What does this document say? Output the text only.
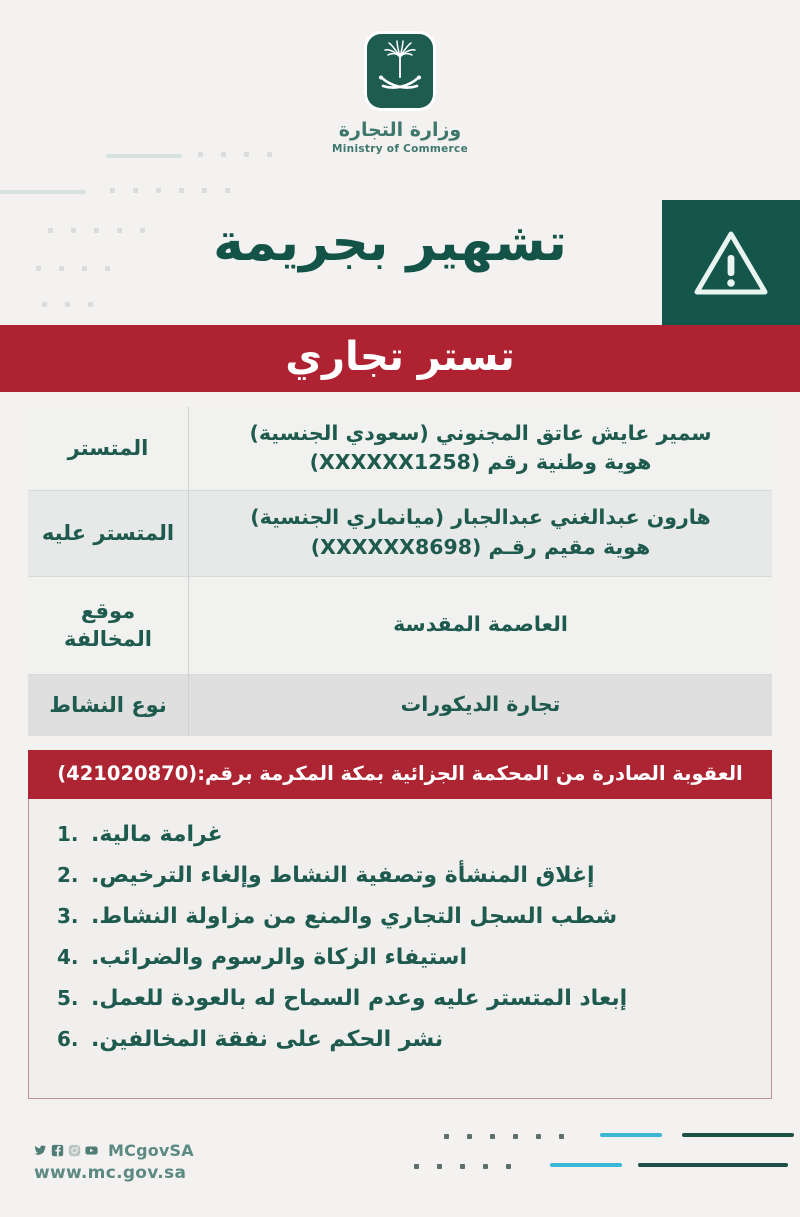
وزارة التجارة
Ministry of Commerce
تشهير بجريمة
تستر تجاري
سمير عايش عاتق المجنوني (سعودي الجنسية)
هوية وطنية رقم (XXXXXX1258)	المتستر

هارون عبدالغني عبدالجبار (ميانماري الجنسية)
هوية مقيم رقـم (XXXXXX8698)	المتستر عليه
العاصمة المقدسة	موقع
المخالفة

تجارة الديكورات	نوع النشاط
العقوبة الصادرة من المحكمة الجزائية بمكة المكرمة برقم:(421020870)
غرامة مالية.
1.
إغلاق المنشأة وتصفية النشاط وإلغاء الترخيص.
2.
شطب السجل التجاري والمنع من مزاولة النشاط.
3.
استيفاء الزكاة والرسوم والضرائب.
4.
إبعاد المتستر عليه وعدم السماح له بالعودة للعمل.
5.
نشر الحكم على نفقة المخالفين.
6.
MCgovSA
www.mc.gov.sa
